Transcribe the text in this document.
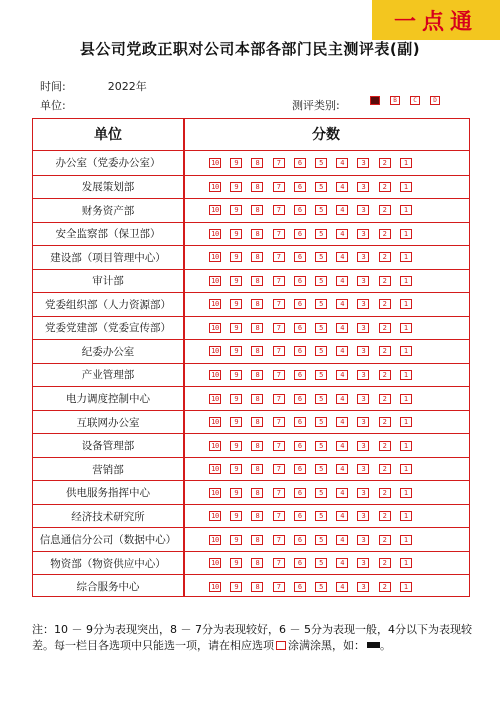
一点通
县公司党政正职对公司本部各部门民主测评表(副)
时间:	2022年
单位:	测评类别:	A	B	C	D
单位	分数
办公室（党委办公室）	10	9	8	7	6	5	4	3	2	1
发展策划部	10	9	8	7	6	5	4	3	2	1
财务资产部	10	9	8	7	6	5	4	3	2	1
安全监察部（保卫部）	10	9	8	7	6	5	4	3	2	1
建设部（项目管理中心）	10	9	8	7	6	5	4	3	2	1
审计部	10	9	8	7	6	5	4	3	2	1
党委组织部（人力资源部）	10	9	8	7	6	5	4	3	2	1
党委党建部（党委宣传部）	10	9	8	7	6	5	4	3	2	1
纪委办公室	10	9	8	7	6	5	4	3	2	1
产业管理部	10	9	8	7	6	5	4	3	2	1
电力调度控制中心	10	9	8	7	6	5	4	3	2	1
互联网办公室	10	9	8	7	6	5	4	3	2	1
设备管理部	10	9	8	7	6	5	4	3	2	1
营销部	10	9	8	7	6	5	4	3	2	1
供电服务指挥中心	10	9	8	7	6	5	4	3	2	1
经济技术研究所	10	9	8	7	6	5	4	3	2	1
信息通信分公司（数据中心）	10	9	8	7	6	5	4	3	2	1
物资部（物资供应中心）	10	9	8	7	6	5	4	3	2	1
综合服务中心	10	9	8	7	6	5	4	3	2	1
注：10 － 9分为表现突出，8 － 7分为表现较好，6 － 5分为表现一般，4分以下为表现较差。每一栏目各选项中只能选一项，请在相应选项 涂满涂黑，如： 。
